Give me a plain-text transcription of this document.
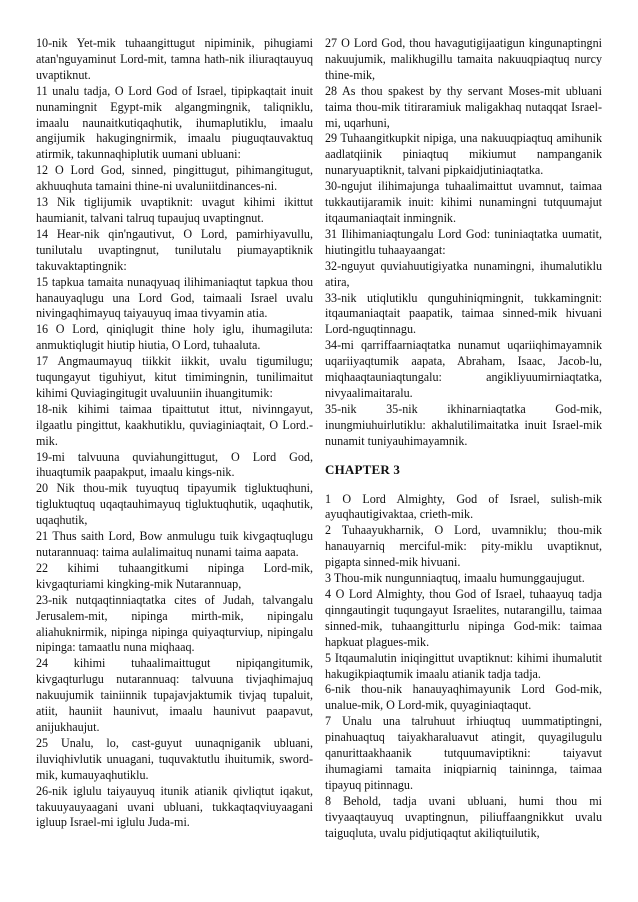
10-nik Yet-mik tuhaangittugut nipiminik, pihugiami atan'nguyaminut Lord-mit, tamna hath-nik iliuraqtauyuq uvaptiknut.

11 unalu tadja, O Lord God of Israel, tipipkaqtait inuit nunamingnit Egypt-mik algangmingnik, taliqniklu, imaalu naunaitkutiqaqhutik, ihumaplutiklu, imaalu angijumik hakugingnirmik, imaalu piuguqtauvaktuq atirmik, takunnaqhiplutik uumani ubluani:

12 O Lord God, sinned, pingittugut, pihimangitugut, akhuuqhuta tamaini thine-ni uvaluniitdinances-ni.

13 Nik tiglijumik uvaptiknit: uvagut kihimi ikittut haumianit, talvani talruq tupaujuq uvaptingnut.

14 Hear-nik qin'ngautivut, O Lord, pamirhiyavullu, tunilutalu uvaptingnut, tunilutalu piumayaptiknik takuvaktaptingnik:

15 tapkua tamaita nunaqyuaq ilihimaniaqtut tapkua thou hanauyaqlugu una Lord God, taimaali Israel uvalu nivingaqhimayuq taiyauyuq imaa tivyamin atia.

16 O Lord, qiniqlugit thine holy iglu, ihumagiluta: anmuktiqlugit hiutip hiutia, O Lord, tuhaaluta.

17 Angmaumayuq tiikkit iikkit, uvalu tigumilugu; tuqungayut tiguhiyut, kitut timimingnin, tunilimaitut kihimi Quviagingitugit uvaluuniin ihuangitumik:

18-nik kihimi taimaa tipaittutut ittut, nivinngayut, ilgaatlu pingittut, kaakhutiklu, quviaginiaqtait, O Lord.-mik.

19-mi talvuuna quviahungittugut, O Lord God, ihuaqtumik paapakput, imaalu kings-nik.

20 Nik thou-mik tuyuqtuq tipayumik tigluktuqhuni, tigluktuqtuq uqaqtauhimayuq tigluktuqhutik, uqaqhutik, uqaqhutik,

21 Thus saith Lord, Bow anmulugu tuik kivgaqtuqlugu nutarannuaq: taima aulalimaituq nunami taima aapata.

22 kihimi tuhaangitkumi nipinga Lord-mik, kivgaqturiami kingking-mik Nutarannuap,

23-nik nutqaqtinniaqtatka cites of Judah, talvangalu Jerusalem-mit, nipinga mirth-mik, nipingalu aliahuknirmik, nipinga nipinga quiyaqturviup, nipingalu nipinga: tamaatlu nuna miqhaaq.

24 kihimi tuhaalimaittugut nipiqangitumik, kivgaqturlugu nutarannuaq: talvuuna tivjaqhimajuq nakuujumik tainiinnik tupajavjaktumik tivjaq tupaluit, atiit, hauniit haunivut, imaalu haunivut paapavut, anijukhaujut.

25 Unalu, lo, cast-guyut uunaqniganik ubluani, iluviqhivlutik unuagani, tuquvaktutlu ihuitumik, sword-mik, kumauyaqhutiklu.

26-nik iglulu taiyauyuq itunik atianik qivliqtut iqakut, takuuyauyaagani uvani ubluani, tukkaqtaqviuyaagani igluup Israel-mi iglulu Juda-mi.

27 O Lord God, thou havagutigijaatigun kingunaptingni nakuujumik, malikhugillu tamaita nakuuqpiaqtuq nurcy thine-mik,

28 As thou spakest by thy servant Moses-mit ubluani taima thou-mik titiraramiuk maligakhaq nutaqqat Israel-mi, uqarhuni,

29 Tuhaangitkupkit nipiga, una nakuuqpiaqtuq amihunik aadlatqiinik piniaqtuq mikiumut nampanganik nunaryuaptiknit, talvani pipkaidjutiniaqtatka.

30-ngujut ilihimajunga tuhaalimaittut uvamnut, taimaa tukkautijaramik inuit: kihimi nunamingni tutquumajut itqaumaniaqtait inmingnik.

31 Ilihimaniaqtungalu Lord God: tuniniaqtatka uumatit, hiutingitlu tuhaayaangat:

32-nguyut quviahuutigiyatka nunamingni, ihumalutiklu atira,

33-nik utiqlutiklu qunguhiniqmingnit, tukkamingnit: itqaumaniaqtait paapatik, taimaa sinned-mik hivuani Lord-nguqtinnagu.

34-mi qarriffaarniaqtatka nunamut uqariiqhimayamnik uqariiyaqtumik aapata, Abraham, Isaac, Jacob-lu, miqhaaqtauniaqtungalu: angikliyuumirniaqtatka, nivyaalimaitaralu.

35-nik 35-nik ikhinarniaqtatka God-mik, inungmiuhuirlutiklu: akhalutilimaitatka inuit Israel-mik nunamit tuniyauhimayamnik.

CHAPTER 3

1 O Lord Almighty, God of Israel, sulish-mik ayuqhautigivaktaa, crieth-mik.

2 Tuhaayukharnik, O Lord, uvamniklu; thou-mik hanauyarniq merciful-mik: pity-miklu uvaptiknut, pigapta sinned-mik hivuani.

3 Thou-mik nungunniaqtuq, imaalu humunggaujugut.

4 O Lord Almighty, thou God of Israel, tuhaayuq tadja qinngautingit tuqungayut Israelites, nutarangillu, taimaa sinned-mik, tuhaangitturlu nipinga God-mik: taimaa hapkuat plagues-mik.

5 Itqaumalutin iniqingittut uvaptiknut: kihimi ihumalutit hakugikpiaqtumik imaalu atianik tadja tadja.

6-nik thou-nik hanauyaqhimayunik Lord God-mik, unalue-mik, O Lord-mik, quyaginiaqtaqut.

7 Unalu una talruhuut irhiuqtuq uummatiptingni, pinahuaqtuq taiyakharaluavut atingit, quyagilugulu qanurittaakhaanik tutquumaviptikni: taiyavut ihumagiami tamaita iniqpiarniq taininnga, taimaa tipayuq pitinnagu.

8 Behold, tadja uvani ubluani, humi thou mi tivyaaqtauyuq uvaptingnun, piliuffaangnikkut uvalu taiguqluta, uvalu pidjutiqaqtut akiliqtuilutik,
